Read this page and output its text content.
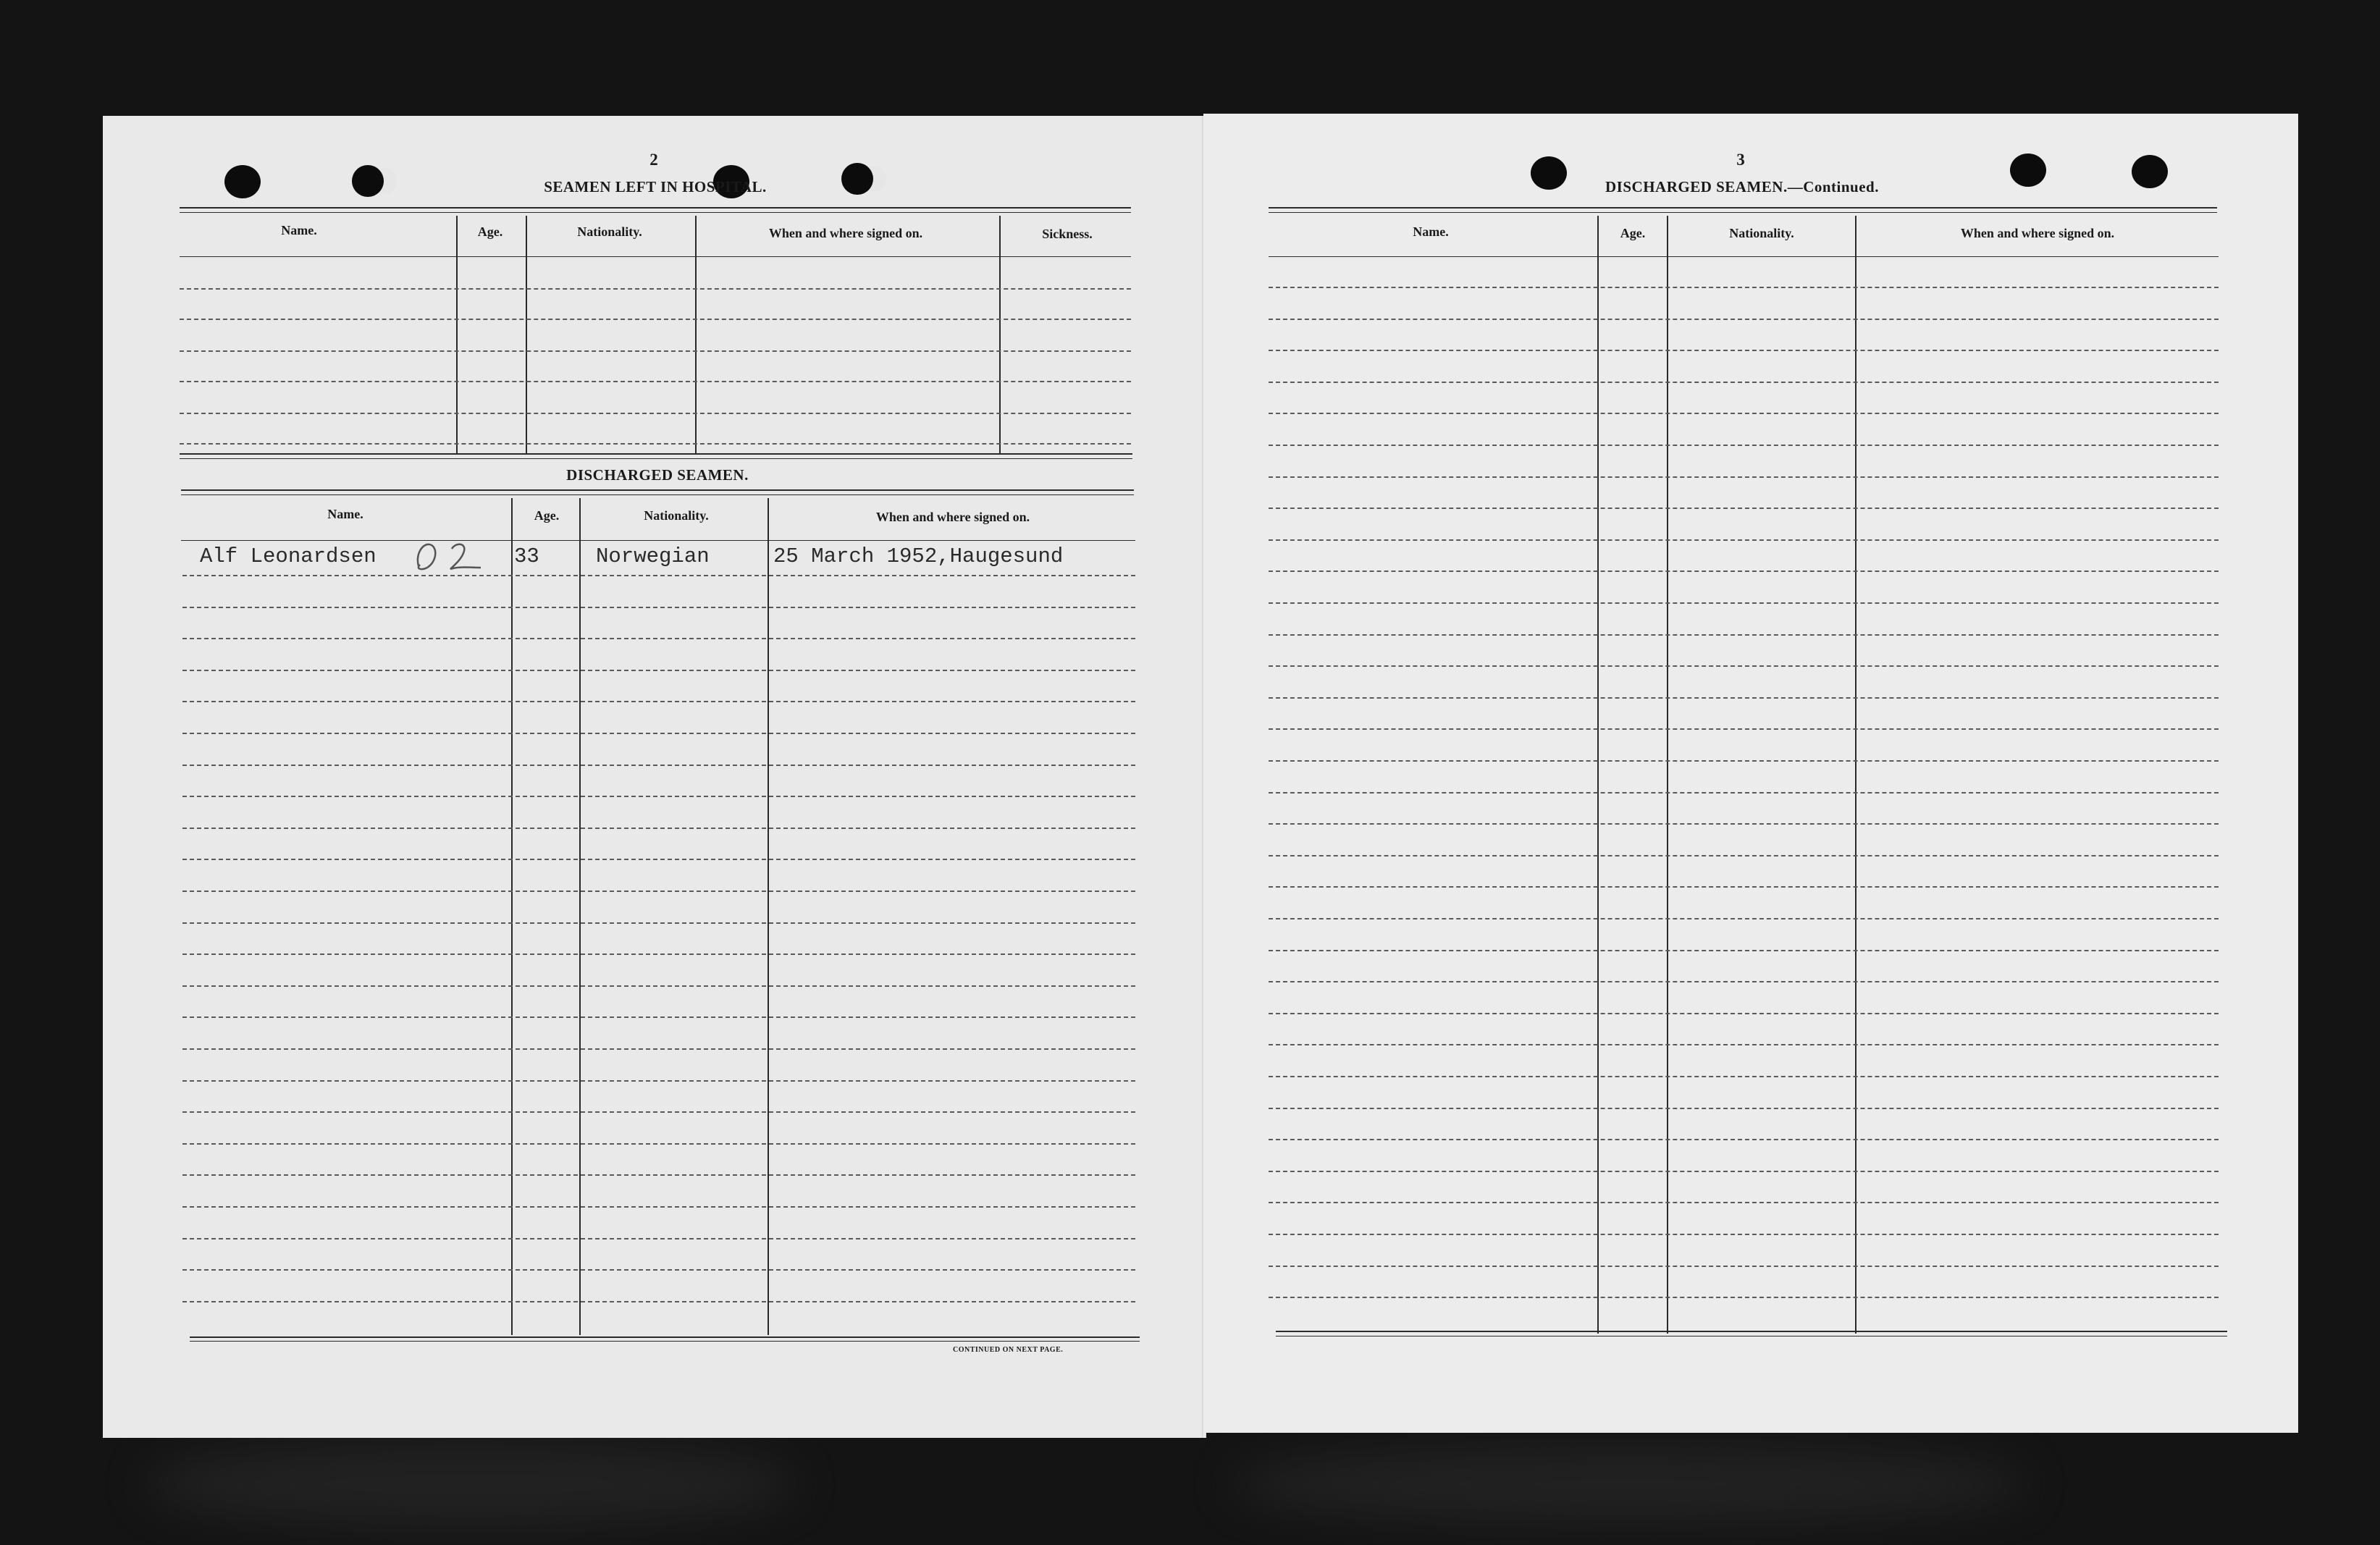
2
SEAMEN LEFT IN HOSPITAL.
Name.	Age.	Nationality.	When and where signed on.	Sickness.
DISCHARGED SEAMEN.
Name.	Age.	Nationality.	When and where signed on.
Alf Leonardsen	33	Norwegian	25 March 1952,Haugesund
CONTINUED ON NEXT PAGE.
3
DISCHARGED SEAMEN.—Continued.
Name.	Age.	Nationality.	When and where signed on.
